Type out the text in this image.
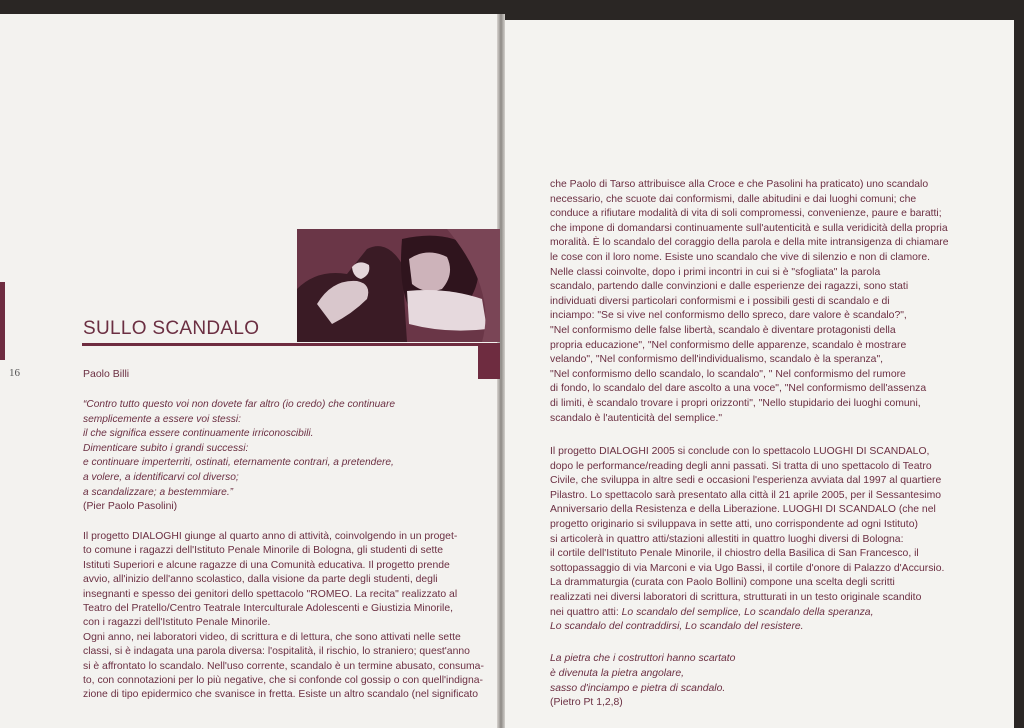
SULLO SCANDALO
16	Paolo Billi
“Contro tutto questo voi non dovete far altro (io credo) che continuare
semplicemente a essere voi stessi:
il che significa essere continuamente irriconoscibili.
Dimenticare subito i grandi successi:
e continuare imperterriti, ostinati, eternamente contrari, a pretendere,
a volere, a identificarvi col diverso;
a scandalizzare; a bestemmiare.”
(Pier Paolo Pasolini)
Il progetto DIALOGHI giunge al quarto anno di attività, coinvolgendo in un proget-
to comune i ragazzi dell'Istituto Penale Minorile di Bologna, gli studenti di sette
Istituti Superiori e alcune ragazze di una Comunità educativa. Il progetto prende
avvio, all'inizio dell'anno scolastico, dalla visione da parte degli studenti, degli
insegnanti e spesso dei genitori dello spettacolo "ROMEO. La recita" realizzato al
Teatro del Pratello/Centro Teatrale Interculturale Adolescenti e Giustizia Minorile,
con i ragazzi dell'Istituto Penale Minorile.
Ogni anno, nei laboratori video, di scrittura e di lettura, che sono attivati nelle sette
classi, si è indagata una parola diversa: l'ospitalità, il rischio, lo straniero; quest'anno
si è affrontato lo scandalo. Nell'uso corrente, scandalo è un termine abusato, consuma-
to, con connotazioni per lo più negative, che si confonde col gossip o con quell'indigna-
zione di tipo epidermico che svanisce in fretta. Esiste un altro scandalo (nel significato
che Paolo di Tarso attribuisce alla Croce e che Pasolini ha praticato) uno scandalo
necessario, che scuote dai conformismi, dalle abitudini e dai luoghi comuni; che
conduce a rifiutare modalità di vita di soli compromessi, convenienze, paure e baratti;
che impone di domandarsi continuamente sull'autenticità e sulla veridicità della propria
moralità. È lo scandalo del coraggio della parola e della mite intransigenza di chiamare
le cose con il loro nome. Esiste uno scandalo che vive di silenzio e non di clamore.
Nelle classi coinvolte, dopo i primi incontri in cui si è "sfogliata" la parola
scandalo, partendo dalle convinzioni e dalle esperienze dei ragazzi, sono stati
individuati diversi particolari conformismi e i possibili gesti di scandalo e di
inciampo: "Se si vive nel conformismo dello spreco, dare valore è scandalo?",
"Nel conformismo delle false libertà, scandalo è diventare protagonisti della
propria educazione", "Nel conformismo delle apparenze, scandalo è mostrare
velando", "Nel conformismo dell'individualismo, scandalo è la speranza",
"Nel conformismo dello scandalo, lo scandalo", " Nel conformismo del rumore
di fondo, lo scandalo del dare ascolto a una voce", "Nel conformismo dell'assenza
di limiti, è scandalo trovare i propri orizzonti", "Nello stupidario dei luoghi comuni,
scandalo è l'autenticità del semplice."
Il progetto DIALOGHI 2005 si conclude con lo spettacolo LUOGHI DI SCANDALO,
dopo le performance/reading degli anni passati. Si tratta di uno spettacolo di Teatro
Civile, che sviluppa in altre sedi e occasioni l'esperienza avviata dal 1997 al quartiere
Pilastro. Lo spettacolo sarà presentato alla città il 21 aprile 2005, per il Sessantesimo
Anniversario della Resistenza e della Liberazione. LUOGHI DI SCANDALO (che nel
progetto originario si sviluppava in sette atti, uno corrispondente ad ogni Istituto)
si articolerà in quattro atti/stazioni allestiti in quattro luoghi diversi di Bologna:
il cortile dell'Istituto Penale Minorile, il chiostro della Basilica di San Francesco, il
sottopassaggio di via Marconi e via Ugo Bassi, il cortile d'onore di Palazzo d'Accursio.
La drammaturgia (curata con Paolo Bollini) compone una scelta degli scritti
realizzati nei diversi laboratori di scrittura, strutturati in un testo originale scandito
nei quattro atti: Lo scandalo del semplice, Lo scandalo della speranza,
Lo scandalo del contraddirsi, Lo scandalo del resistere.
La pietra che i costruttori hanno scartato
è divenuta la pietra angolare,
sasso d'inciampo e pietra di scandalo.
(Pietro Pt 1,2,8)
